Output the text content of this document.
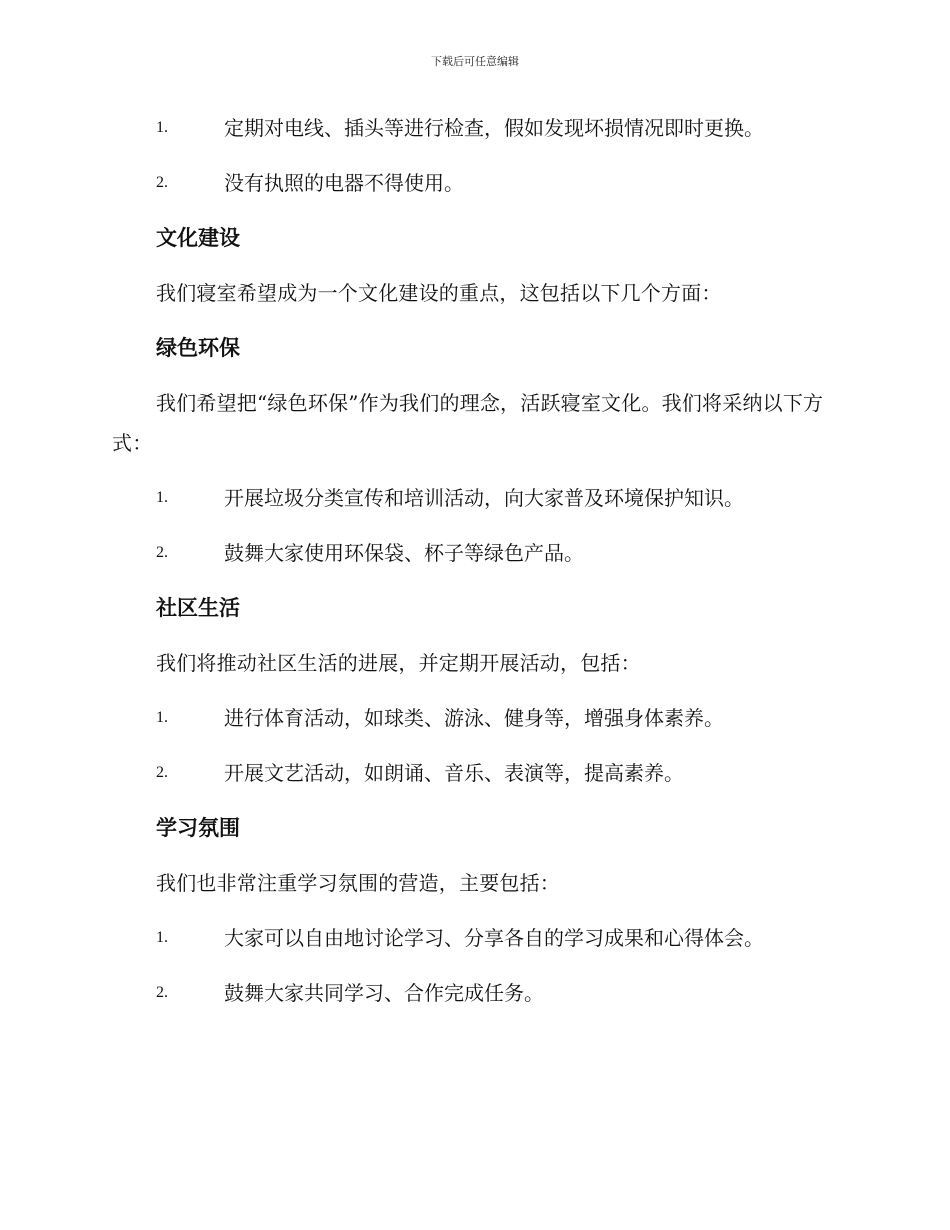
下载后可任意编辑
1.	定期对电线、插头等进行检查，假如发现坏损情况即时更换。
2.	没有执照的电器不得使用。
文化建设
我们寝室希望成为一个文化建设的重点，这包括以下几个方面：
绿色环保
我们希望把“绿色环保”作为我们的理念，活跃寝室文化。我们将采纳以下方式：
1.	开展垃圾分类宣传和培训活动，向大家普及环境保护知识。
2.	鼓舞大家使用环保袋、杯子等绿色产品。
社区生活
我们将推动社区生活的进展，并定期开展活动，包括：
1.	进行体育活动，如球类、游泳、健身等，增强身体素养。
2.	开展文艺活动，如朗诵、音乐、表演等，提高素养。
学习氛围
我们也非常注重学习氛围的营造，主要包括：
1.	大家可以自由地讨论学习、分享各自的学习成果和心得体会。
2.	鼓舞大家共同学习、合作完成任务。
